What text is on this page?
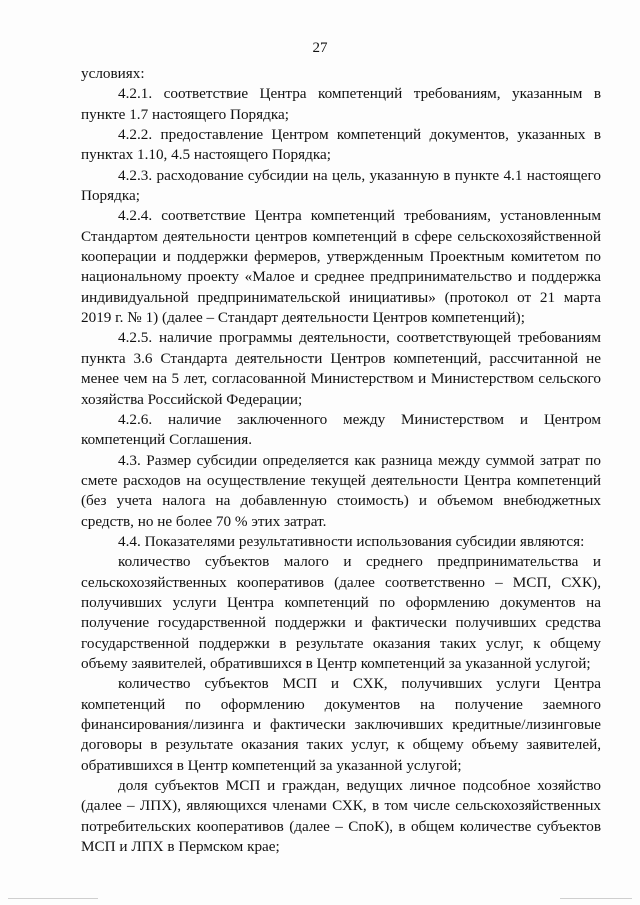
27

условиях:

4.2.1. соответствие Центра компетенций требованиям, указанным в пункте 1.7 настоящего Порядка;

4.2.2. предоставление Центром компетенций документов, указанных в пунктах 1.10, 4.5 настоящего Порядка;

4.2.3. расходование субсидии на цель, указанную в пункте 4.1 настоящего Порядка;

4.2.4. соответствие Центра компетенций требованиям, установленным Стандартом деятельности центров компетенций в сфере сельскохозяйственной кооперации и поддержки фермеров, утвержденным Проектным комитетом по национальному проекту «Малое и среднее предпринимательство и поддержка индивидуальной предпринимательской инициативы» (протокол от 21 марта 2019 г. № 1) (далее – Стандарт деятельности Центров компетенций);

4.2.5. наличие программы деятельности, соответствующей требованиям пункта 3.6 Стандарта деятельности Центров компетенций, рассчитанной не менее чем на 5 лет, согласованной Министерством и Министерством сельского хозяйства Российской Федерации;

4.2.6. наличие заключенного между Министерством и Центром компетенций Соглашения.

4.3. Размер субсидии определяется как разница между суммой затрат по смете расходов на осуществление текущей деятельности Центра компетенций (без учета налога на добавленную стоимость) и объемом внебюджетных средств, но не более 70 % этих затрат.

4.4. Показателями результативности использования субсидии являются:

количество субъектов малого и среднего предпринимательства и сельскохозяйственных кооперативов (далее соответственно – МСП, СХК), получивших услуги Центра компетенций по оформлению документов на получение государственной поддержки и фактически получивших средства государственной поддержки в результате оказания таких услуг, к общему объему заявителей, обратившихся в Центр компетенций за указанной услугой;

количество субъектов МСП и СХК, получивших услуги Центра компетенций по оформлению документов на получение заемного финансирования/лизинга и фактически заключивших кредитные/лизинговые договоры в результате оказания таких услуг, к общему объему заявителей, обратившихся в Центр компетенций за указанной услугой;

доля субъектов МСП и граждан, ведущих личное подсобное хозяйство (далее – ЛПХ), являющихся членами СХК, в том числе сельскохозяйственных потребительских кооперативов (далее – СпоК), в общем количестве субъектов МСП и ЛПХ в Пермском крае;
